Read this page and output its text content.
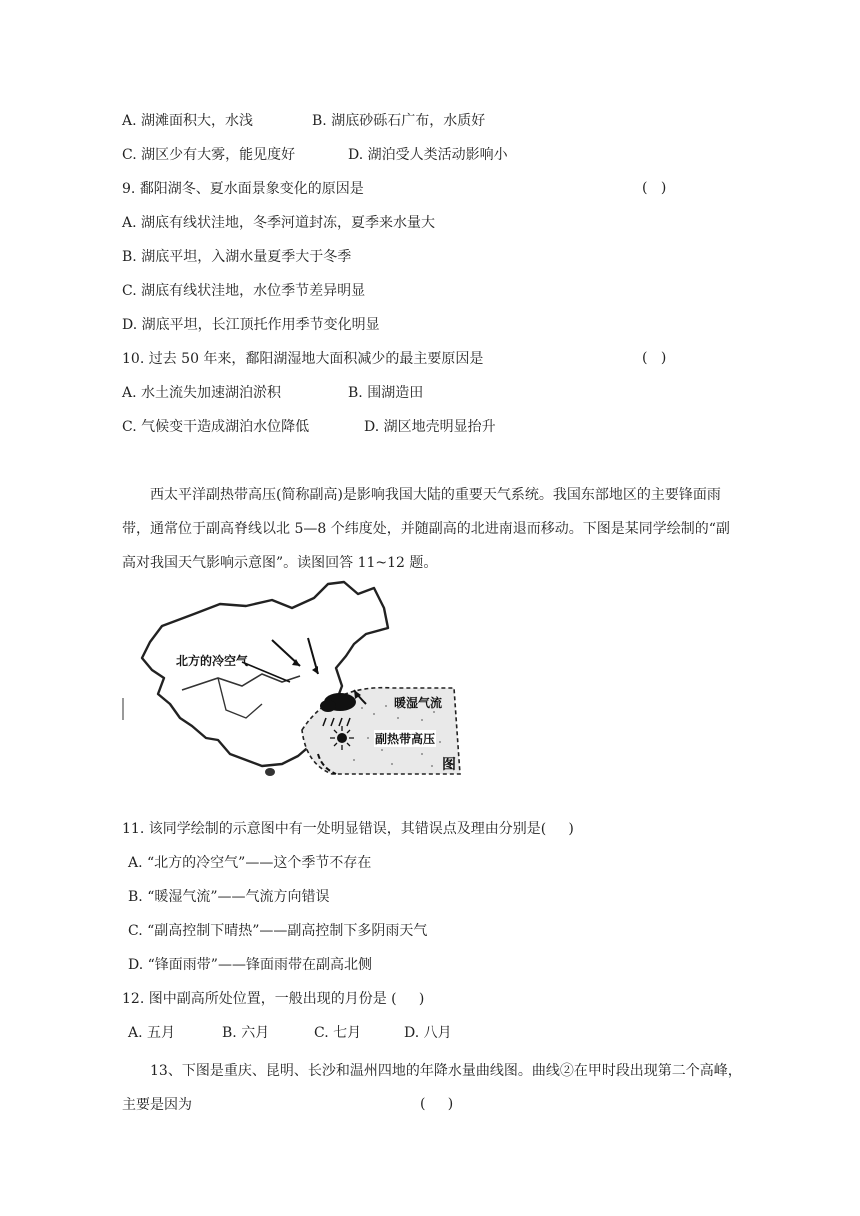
A. 湖滩面积大，水浅	B. 湖底砂砾石广布，水质好
C. 湖区少有大雾，能见度好	D. 湖泊受人类活动影响小
9. 鄱阳湖冬、夏水面景象变化的原因是	(   )
A. 湖底有线状洼地，冬季河道封冻，夏季来水量大
B. 湖底平坦，入湖水量夏季大于冬季
C. 湖底有线状洼地，水位季节差异明显
D. 湖底平坦，长江顶托作用季节变化明显
10. 过去 50 年来，鄱阳湖湿地大面积减少的最主要原因是	(   )
A. 水土流失加速湖泊淤积	B. 围湖造田
C. 气候变干造成湖泊水位降低	D. 湖区地壳明显抬升
西太平洋副热带高压(简称副高)是影响我国大陆的重要天气系统。我国东部地区的主要锋面雨带，通常位于副高脊线以北 5—8 个纬度处，并随副高的北进南退而移动。下图是某同学绘制的“副高对我国天气影响示意图”。读图回答 11~12 题。
北方的冷空气
暖湿气流
副热带高压
图
11. 该同学绘制的示意图中有一处明显错误，其错误点及理由分别是(     )
A. “北方的冷空气”——这个季节不存在
B. “暖湿气流”——气流方向错误
C. “副高控制下晴热”——副高控制下多阴雨天气
D. “锋面雨带”——锋面雨带在副高北侧
12. 图中副高所处位置，一般出现的月份是 (     )
A. 五月	B. 六月	C. 七月	D. 八月
13、下图是重庆、昆明、长沙和温州四地的年降水量曲线图。曲线②在甲时段出现第二个高峰，主要是因为	(     )
